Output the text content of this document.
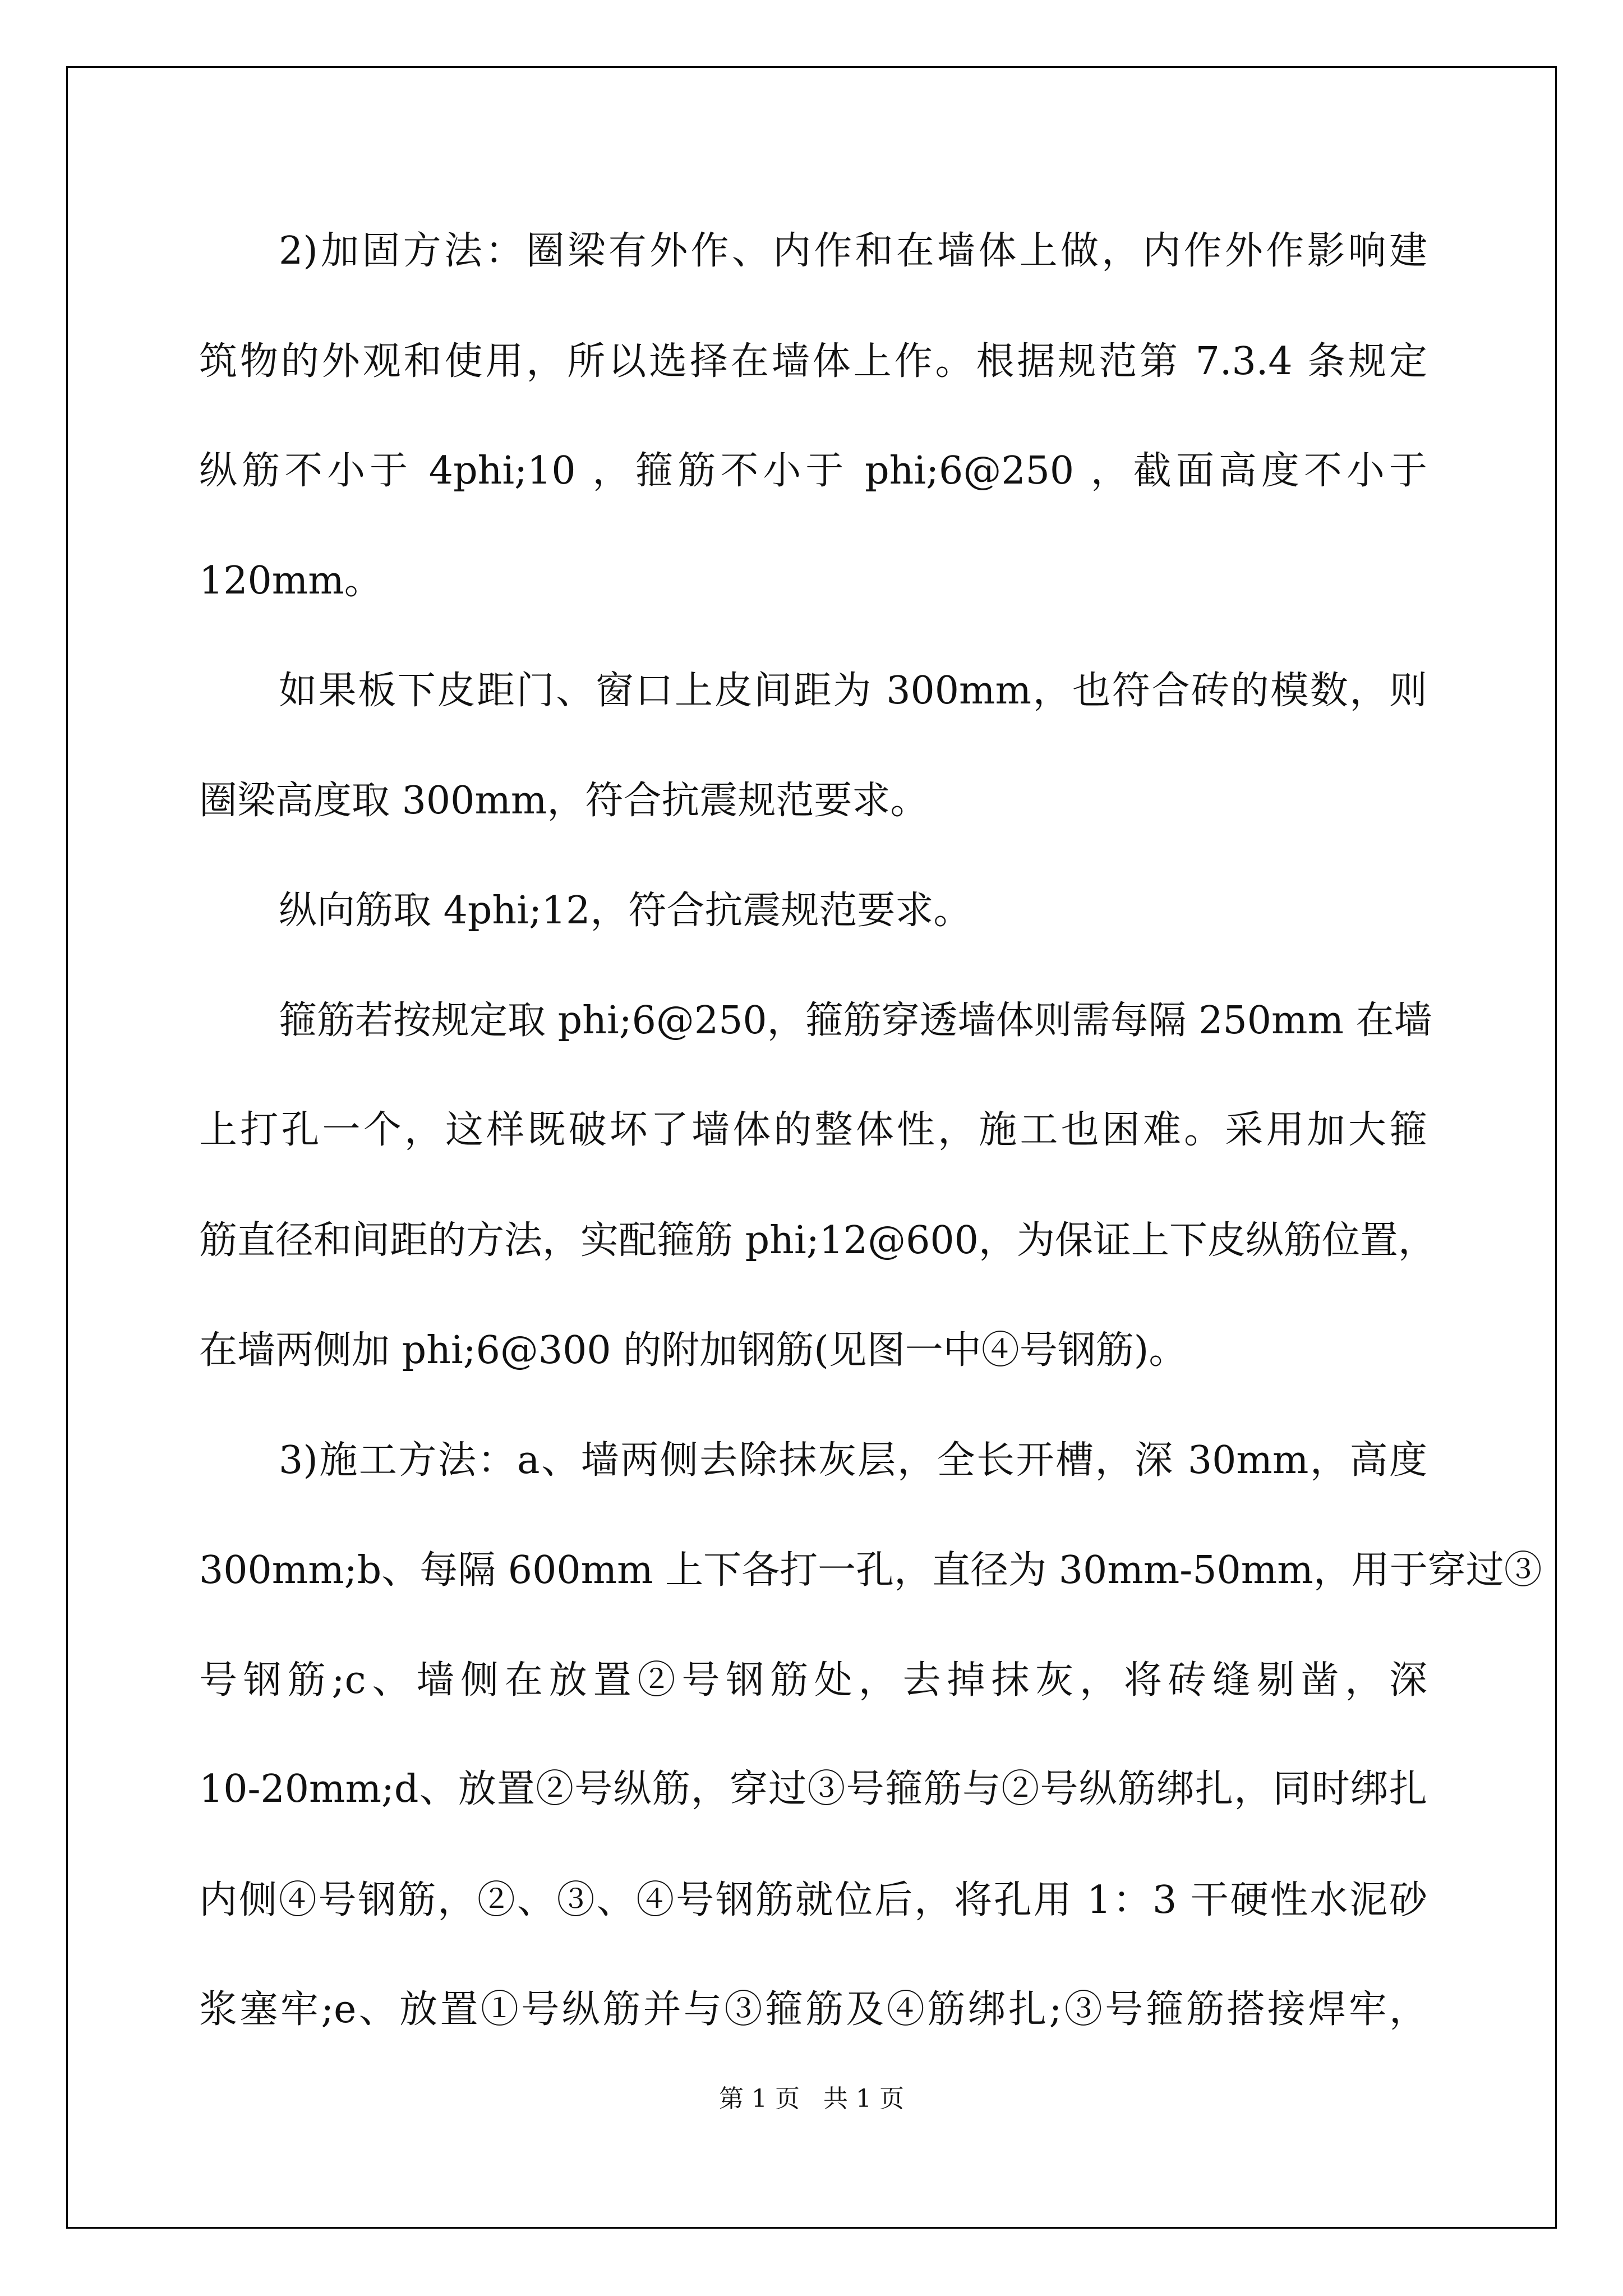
2)加固方法：圈梁有外作、内作和在墙体上做，内作外作影响建
筑物的外观和使用，所以选择在墙体上作。根据规范第 7.3.4 条规定
纵筋不小于 4phi;10 ，箍筋不小于 phi;6@250 ，截面高度不小于
120mm。
如果板下皮距门、窗口上皮间距为 300mm，也符合砖的模数，则
圈梁高度取 300mm，符合抗震规范要求。
纵向筋取 4phi;12，符合抗震规范要求。
箍筋若按规定取 phi;6@250，箍筋穿透墙体则需每隔 250mm 在墙
上打孔一个，这样既破坏了墙体的整体性，施工也困难。采用加大箍
筋直径和间距的方法，实配箍筋 phi;12@600，为保证上下皮纵筋位置，
在墙两侧加 phi;6@300 的附加钢筋(见图一中④号钢筋)。
3)施工方法：a、墙两侧去除抹灰层，全长开槽，深 30mm，高度
300mm;b、每隔 600mm 上下各打一孔，直径为 30mm-50mm，用于穿过③
号钢筋;c、墙侧在放置②号钢筋处，去掉抹灰，将砖缝剔凿，深
10-20mm;d、放置②号纵筋，穿过③号箍筋与②号纵筋绑扎，同时绑扎
内侧④号钢筋，②、③、④号钢筋就位后，将孔用 1：3 干硬性水泥砂
浆塞牢;e、放置①号纵筋并与③箍筋及④筋绑扎;③号箍筋搭接焊牢，
第 1 页 共 1 页
